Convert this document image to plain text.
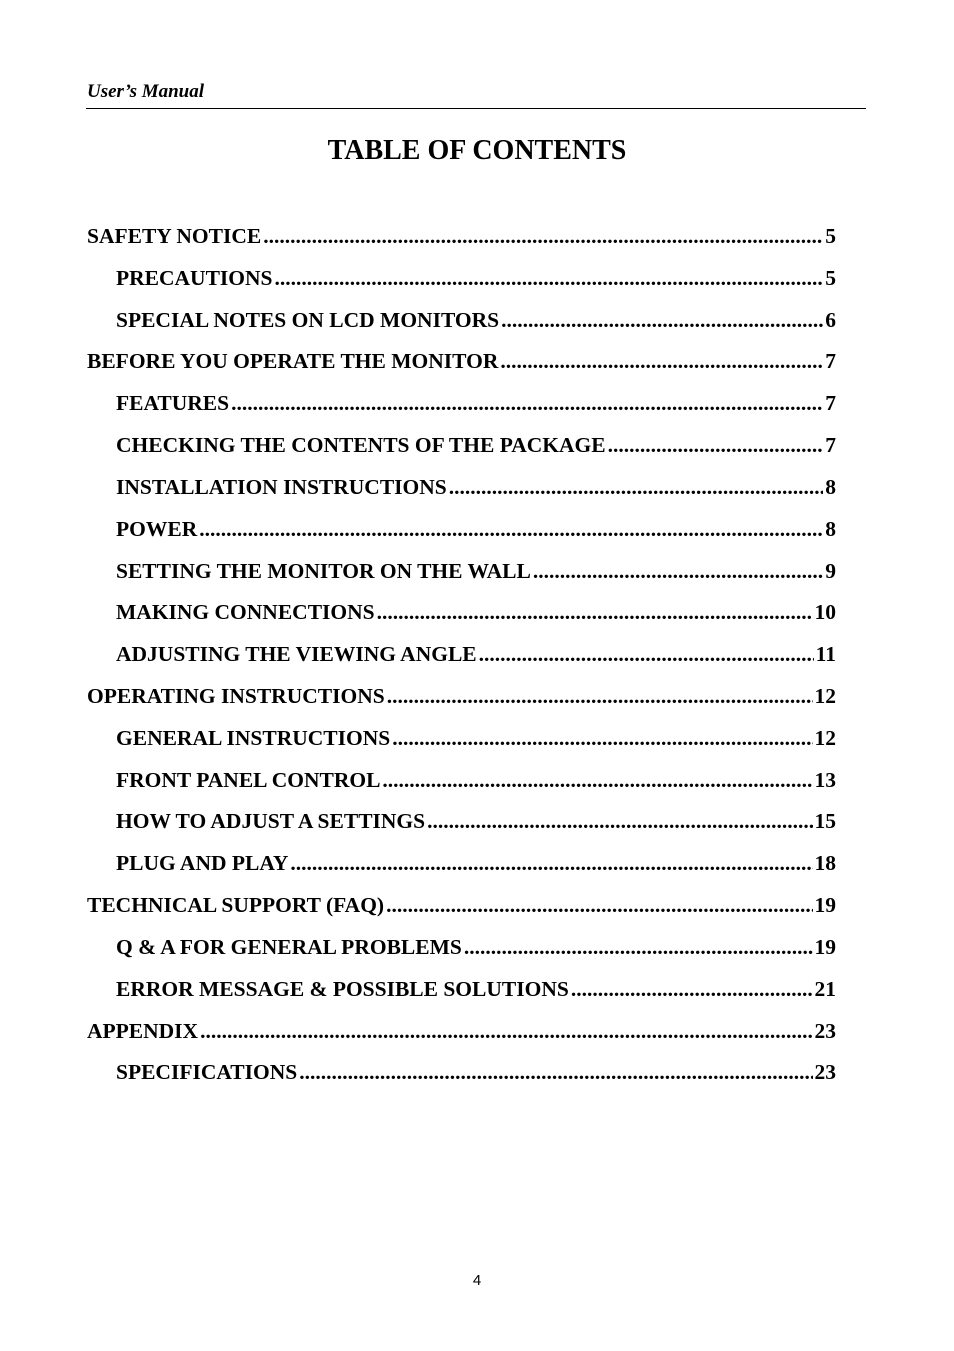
User’s Manual
TABLE OF CONTENTS
SAFETY NOTICE .....	5
PRECAUTIONS .....	5
SPECIAL NOTES ON LCD MONITORS .....	6
BEFORE YOU OPERATE THE MONITOR .....	7
FEATURES .....	7
CHECKING THE CONTENTS OF THE PACKAGE .....	7
INSTALLATION INSTRUCTIONS .....	8
POWER .....	8
SETTING THE MONITOR ON THE WALL .....	9
MAKING CONNECTIONS .....	10
ADJUSTING THE VIEWING ANGLE .....	11
OPERATING INSTRUCTIONS .....	12
GENERAL INSTRUCTIONS .....	12
FRONT PANEL CONTROL .....	13
HOW TO ADJUST A SETTINGS .....	15
PLUG AND PLAY .....	18
TECHNICAL SUPPORT (FAQ) .....	19
Q & A FOR GENERAL PROBLEMS .....	19
ERROR MESSAGE & POSSIBLE SOLUTIONS .....	21
APPENDIX .....	23
SPECIFICATIONS .....	23
4
